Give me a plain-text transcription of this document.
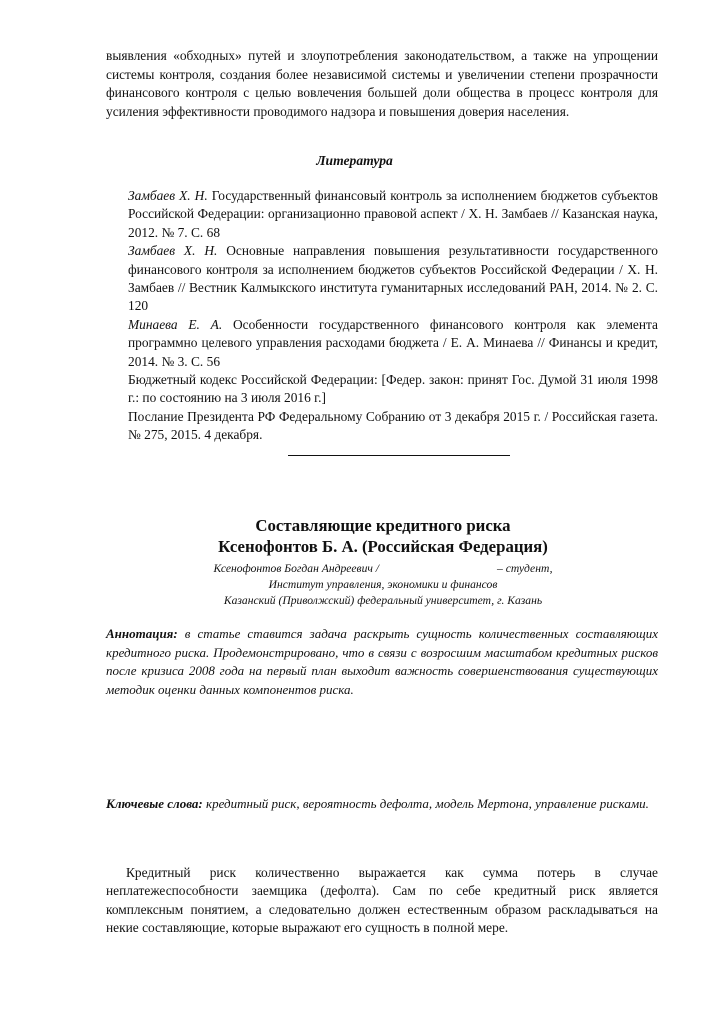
выявления «обходных» путей и злоупотребления законодательством, а также на упрощении системы контроля, создания более независимой системы и увеличении степени прозрачности финансового контроля с целью вовлечения большей доли общества в процесс контроля для усиления эффективности проводимого надзора и повышения доверия населения.

Литература

Замбаев Х. Н. Государственный финансовый контроль за исполнением бюджетов субъектов Российской Федерации: организационно правовой аспект / Х. Н. Замбаев // Казанская наука, 2012. № 7. С. 68

Замбаев Х. Н. Основные направления повышения результативности государственного финансового контроля за исполнением бюджетов субъектов Российской Федерации / Х. Н. Замбаев // Вестник Калмыкского института гуманитарных исследований РАН, 2014. № 2. С. 120

Минаева Е. А. Особенности государственного финансового контроля как элемента программно целевого управления расходами бюджета / Е. А. Минаева // Финансы и кредит, 2014. № 3. С. 56

Бюджетный кодекс Российской Федерации: [Федер. закон: принят Гос. Думой 31 июля 1998 г.: по состоянию на 3 июля 2016 г.]

Послание Президента РФ Федеральному Собранию от 3 декабря 2015 г. / Российская газета. № 275, 2015. 4 декабря.

Составляющие кредитного риска
Ксенофонтов Б. А. (Российская Федерация)
Ксенофонтов Богдан Андреевич /	– студент,
Институт управления, экономики и финансов
Казанский (Приволжский) федеральный университет, г. Казань

Аннотация: в статье ставится задача раскрыть сущность количественных составляющих кредитного риска. Продемонстрировано, что в связи с возросшим масштабом кредитных рисков после кризиса 2008 года на первый план выходит важность совершенствования существующих методик оценки данных компонентов риска.

Ключевые слова: кредитный риск, вероятность дефолта, модель Мертона, управление рисками.

Кредитный риск количественно выражается как сумма потерь в случае неплатежеспособности заемщика (дефолта). Сам по себе кредитный риск является комплексным понятием, а следовательно должен естественным образом раскладываться на некие составляющие, которые выражают его сущность в полной мере.
